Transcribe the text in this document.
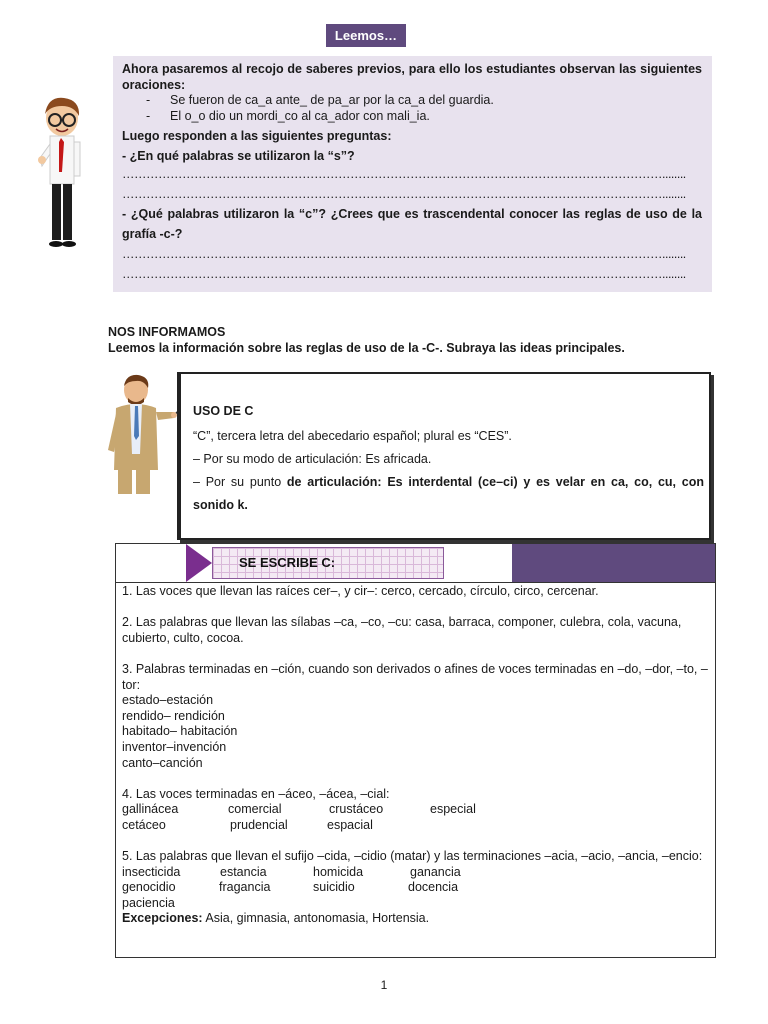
Leemos…
Ahora pasaremos al recojo de saberes previos, para ello los estudiantes observan las siguientes oraciones:
-	Se fueron de ca_a ante_ de pa_ar por la ca_a del guardia.
-	El o_o dio un mordi_co al ca_ador con mali_ia.
Luego responden a las siguientes preguntas:
- ¿En qué palabras se utilizaron la “s”?
………………………………………………………………………………………………………………………........
………………………………………………………………………………………………………………………........
- ¿Qué palabras utilizaron la “c”? ¿Crees que es trascendental conocer las reglas de uso de la grafía -c-?
………………………………………………………………………………………………………………………........
………………………………………………………………………………………………………………………........
NOS INFORMAMOS
Leemos la información sobre las reglas de uso de la -C-. Subraya las ideas principales.
USO DE C
“C”, tercera letra del abecedario español; plural es “CES”.
– Por su modo de articulación: Es africada.
– Por su punto de articulación: Es interdental (ce–ci) y es velar en ca, co, cu, con sonido k.
SE ESCRIBE C:

1. Las voces que llevan las raíces cer–, y cir–: cerco, cercado, círculo, circo, cercenar.

2. Las palabras que llevan las sílabas –ca, –co, –cu: casa, barraca, componer, culebra, cola, vacuna, cubierto, culto, cocoa.

3. Palabras terminadas en –ción, cuando son derivados o afines de voces terminadas en –do, –dor, –to, –tor:
estado–estación
rendido– rendición
habitado– habitación
inventor–invención
canto–canción
4. Las voces terminadas en –áceo, –ácea, –cial:
gallinácea	comercial	crustáceo	especial
cetáceo	prudencial	espacial
5. Las palabras que llevan el sufijo –cida, –cidio (matar) y las terminaciones –acia, –acio, –ancia, –encio:
insecticida	estancia	homicida	ganancia
genocidio	fragancia	suicidio	docencia
paciencia
Excepciones: Asia, gimnasia, antonomasia, Hortensia.
1
